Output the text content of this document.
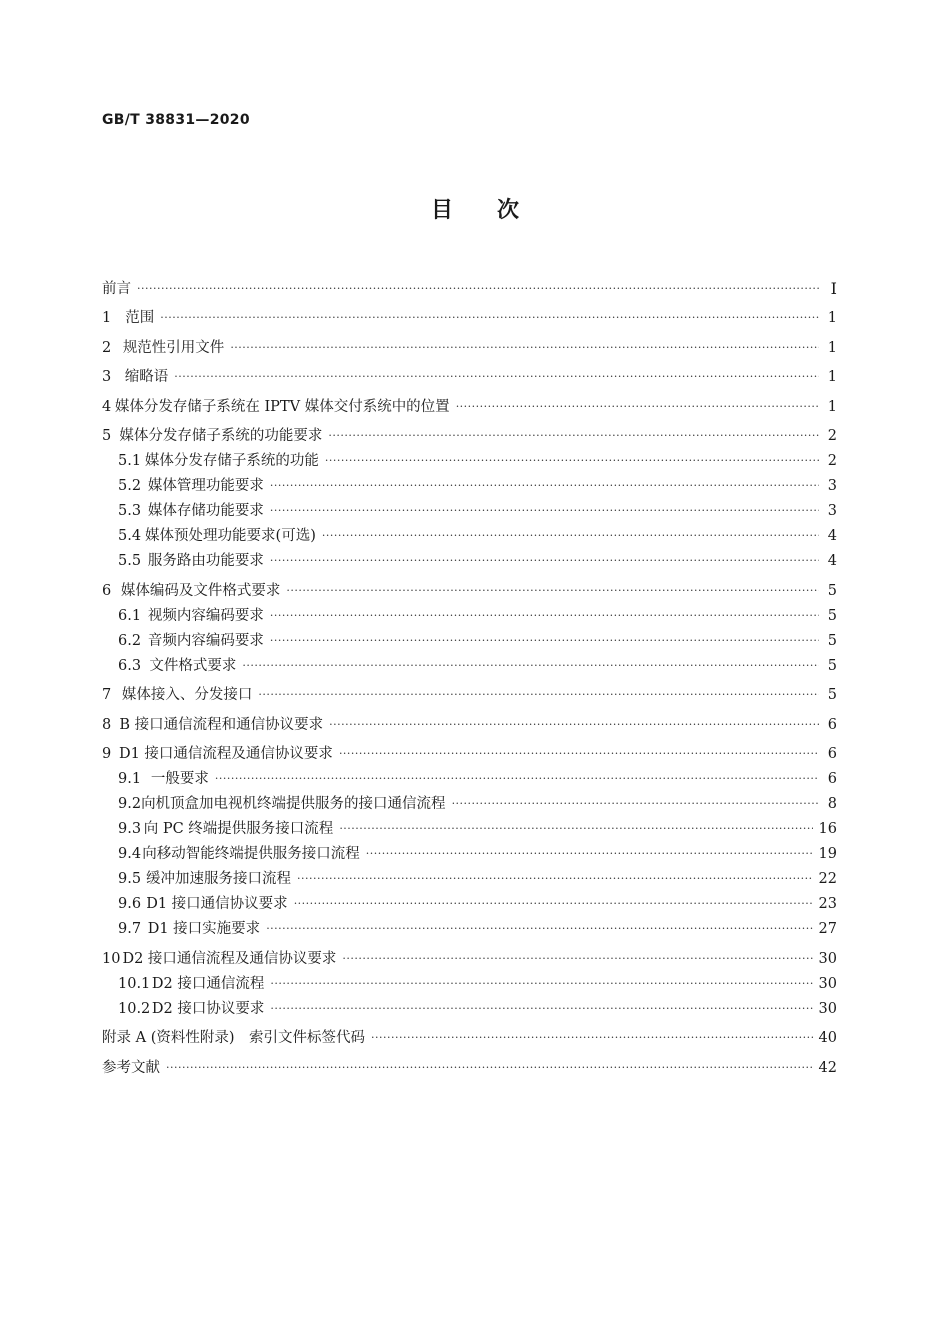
GB/T 38831—2020
目次
前言 ·····	Ⅰ
1 范围 ·····	1
2 规范性引用文件 ·····	1
3 缩略语 ·····	1
4 媒体分发存储子系统在 IPTV 媒体交付系统中的位置 ·····	1
5 媒体分发存储子系统的功能要求 ·····	2
5.1 媒体分发存储子系统的功能 ·····	2
5.2 媒体管理功能要求 ·····	3
5.3 媒体存储功能要求 ·····	3
5.4 媒体预处理功能要求(可选) ·····	4
5.5 服务路由功能要求 ·····	4
6 媒体编码及文件格式要求 ·····	5
6.1 视频内容编码要求 ·····	5
6.2 音频内容编码要求 ·····	5
6.3 文件格式要求 ·····	5
7 媒体接入、分发接口 ·····	5
8 B 接口通信流程和通信协议要求 ·····	6
9 D1 接口通信流程及通信协议要求 ·····	6
9.1 一般要求 ·····	6
9.2 向机顶盒加电视机终端提供服务的接口通信流程 ·····	8
9.3 向 PC 终端提供服务接口流程 ·····	16
9.4 向移动智能终端提供服务接口流程 ·····	19
9.5 缓冲加速服务接口流程 ·····	22
9.6 D1 接口通信协议要求 ·····	23
9.7 D1 接口实施要求 ·····	27
10 D2 接口通信流程及通信协议要求 ·····	30
10.1 D2 接口通信流程 ·····	30
10.2 D2 接口协议要求 ·····	30
附录 A (资料性附录)　索引文件标签代码 ·····	40
参考文献 ·····	42
